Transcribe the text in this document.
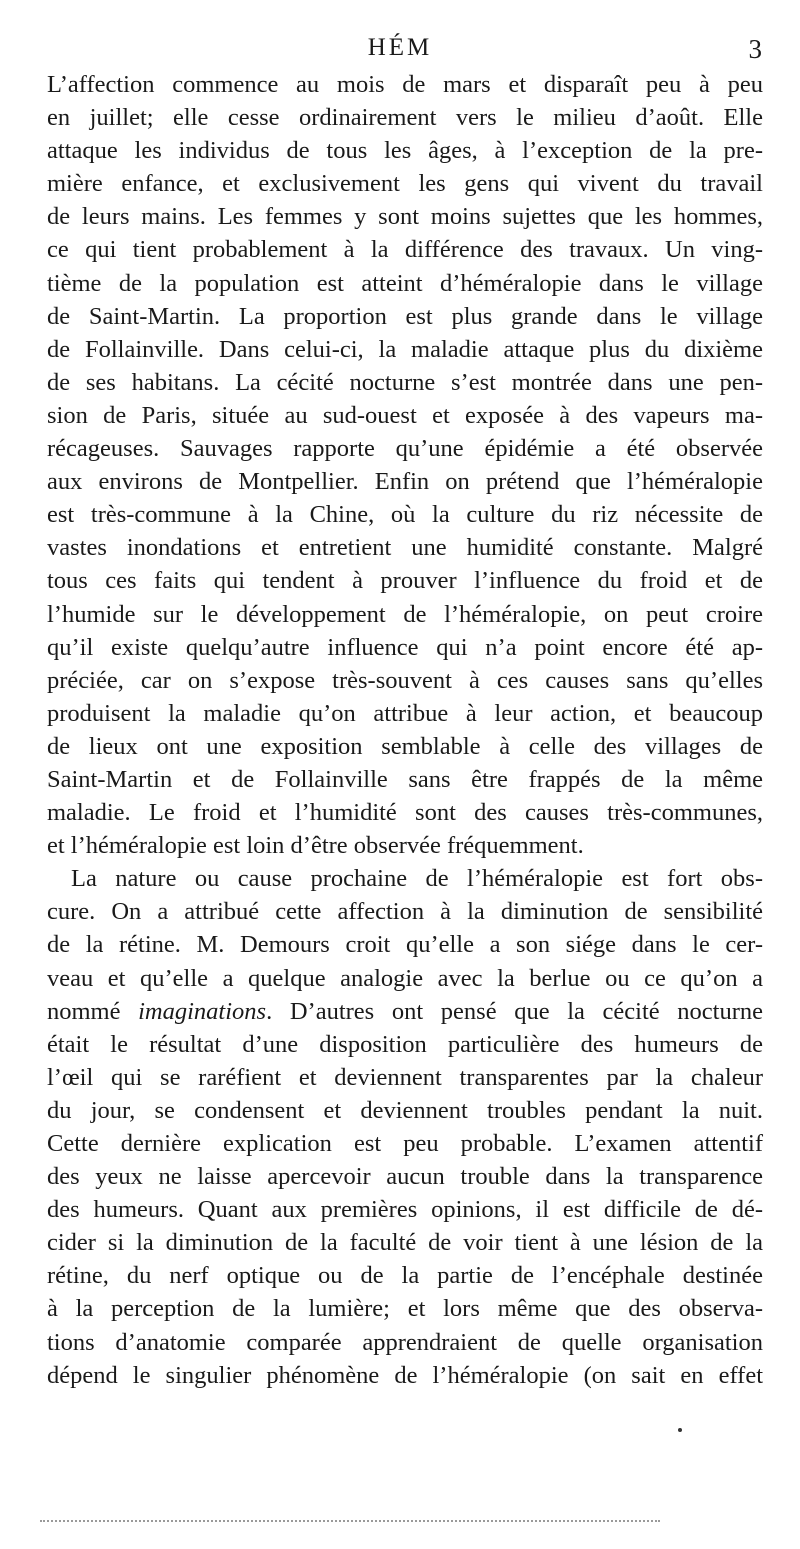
HÉM	3
L’affection commence au mois de mars et disparaît peu à peu
en juillet; elle cesse ordinairement vers le milieu d’août. Elle
attaque les individus de tous les âges, à l’exception de la pre-
mière enfance, et exclusivement les gens qui vivent du travail
de leurs mains. Les femmes y sont moins sujettes que les hommes,
ce qui tient probablement à la différence des travaux. Un ving-
tième de la population est atteint d’héméralopie dans le village
de Saint-Martin. La proportion est plus grande dans le village
de Follainville. Dans celui-ci, la maladie attaque plus du dixième
de ses habitans. La cécité nocturne s’est montrée dans une pen-
sion de Paris, située au sud-ouest et exposée à des vapeurs ma-
récageuses. Sauvages rapporte qu’une épidémie a été observée
aux environs de Montpellier. Enfin on prétend que l’héméralopie
est très-commune à la Chine, où la culture du riz nécessite de
vastes inondations et entretient une humidité constante. Malgré
tous ces faits qui tendent à prouver l’influence du froid et de
l’humide sur le développement de l’héméralopie, on peut croire
qu’il existe quelqu’autre influence qui n’a point encore été ap-
préciée, car on s’expose très-souvent à ces causes sans qu’elles
produisent la maladie qu’on attribue à leur action, et beaucoup
de lieux ont une exposition semblable à celle des villages de
Saint-Martin et de Follainville sans être frappés de la même
maladie. Le froid et l’humidité sont des causes très-communes,
et l’héméralopie est loin d’être observée fréquemment.
La nature ou cause prochaine de l’héméralopie est fort obs-
cure. On a attribué cette affection à la diminution de sensibilité
de la rétine. M. Demours croit qu’elle a son siége dans le cer-
veau et qu’elle a quelque analogie avec la berlue ou ce qu’on a
nommé imaginations. D’autres ont pensé que la cécité nocturne
était le résultat d’une disposition particulière des humeurs de
l’œil qui se raréfient et deviennent transparentes par la chaleur
du jour, se condensent et deviennent troubles pendant la nuit.
Cette dernière explication est peu probable. L’examen attentif
des yeux ne laisse apercevoir aucun trouble dans la transparence
des humeurs. Quant aux premières opinions, il est difficile de dé-
cider si la diminution de la faculté de voir tient à une lésion de la
rétine, du nerf optique ou de la partie de l’encéphale destinée
à la perception de la lumière; et lors même que des observa-
tions d’anatomie comparée apprendraient de quelle organisation
dépend le singulier phénomène de l’héméralopie (on sait en effet
